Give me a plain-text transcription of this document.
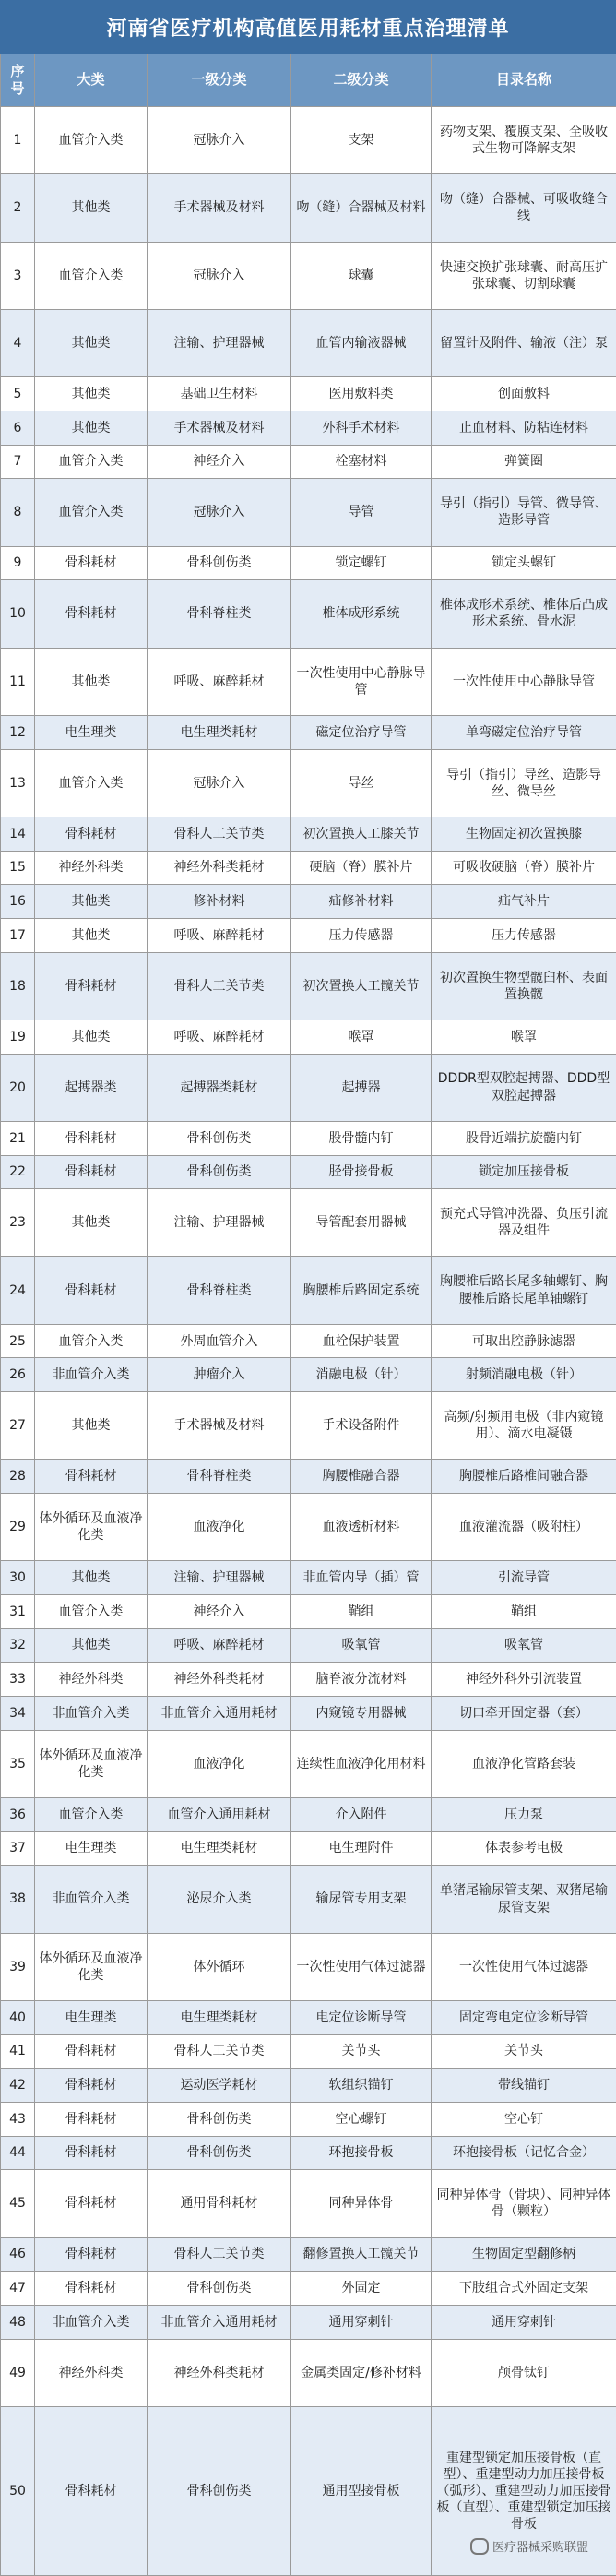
河南省医疗机构高值医用耗材重点治理清单
序号	大类	一级分类	二级分类	目录名称
1	血管介入类	冠脉介入	支架	药物支架、覆膜支架、全吸收式生物可降解支架
2	其他类	手术器械及材料	吻（缝）合器械及材料	吻（缝）合器械、可吸收缝合线
3	血管介入类	冠脉介入	球囊	快速交换扩张球囊、耐高压扩张球囊、切割球囊
4	其他类	注输、护理器械	血管内输液器械	留置针及附件、输液（注）泵
5	其他类	基础卫生材料	医用敷料类	创面敷料
6	其他类	手术器械及材料	外科手术材料	止血材料、防粘连材料
7	血管介入类	神经介入	栓塞材料	弹簧圈
8	血管介入类	冠脉介入	导管	导引（指引）导管、微导管、造影导管
9	骨科耗材	骨科创伤类	锁定螺钉	锁定头螺钉
10	骨科耗材	骨科脊柱类	椎体成形系统	椎体成形术系统、椎体后凸成形术系统、骨水泥
11	其他类	呼吸、麻醉耗材	一次性使用中心静脉导管	一次性使用中心静脉导管
12	电生理类	电生理类耗材	磁定位治疗导管	单弯磁定位治疗导管
13	血管介入类	冠脉介入	导丝	导引（指引）导丝、造影导丝、微导丝
14	骨科耗材	骨科人工关节类	初次置换人工膝关节	生物固定初次置换膝
15	神经外科类	神经外科类耗材	硬脑（脊）膜补片	可吸收硬脑（脊）膜补片
16	其他类	修补材料	疝修补材料	疝气补片
17	其他类	呼吸、麻醉耗材	压力传感器	压力传感器
18	骨科耗材	骨科人工关节类	初次置换人工髋关节	初次置换生物型髋臼杯、表面置换髋
19	其他类	呼吸、麻醉耗材	喉罩	喉罩
20	起搏器类	起搏器类耗材	起搏器	DDDR型双腔起搏器、DDD型双腔起搏器
21	骨科耗材	骨科创伤类	股骨髓内钉	股骨近端抗旋髓内钉
22	骨科耗材	骨科创伤类	胫骨接骨板	锁定加压接骨板
23	其他类	注输、护理器械	导管配套用器械	预充式导管冲洗器、负压引流器及组件
24	骨科耗材	骨科脊柱类	胸腰椎后路固定系统	胸腰椎后路长尾多轴螺钉、胸腰椎后路长尾单轴螺钉
25	血管介入类	外周血管介入	血栓保护装置	可取出腔静脉滤器
26	非血管介入类	肿瘤介入	消融电极（针）	射频消融电极（针）
27	其他类	手术器械及材料	手术设备附件	高频/射频用电极（非内窥镜用）、滴水电凝镊
28	骨科耗材	骨科脊柱类	胸腰椎融合器	胸腰椎后路椎间融合器
29	体外循环及血液净化类	血液净化	血液透析材料	血液灌流器（吸附柱）
30	其他类	注输、护理器械	非血管内导（插）管	引流导管
31	血管介入类	神经介入	鞘组	鞘组
32	其他类	呼吸、麻醉耗材	吸氧管	吸氧管
33	神经外科类	神经外科类耗材	脑脊液分流材料	神经外科外引流装置
34	非血管介入类	非血管介入通用耗材	内窥镜专用器械	切口牵开固定器（套）
35	体外循环及血液净化类	血液净化	连续性血液净化用材料	血液净化管路套装
36	血管介入类	血管介入通用耗材	介入附件	压力泵
37	电生理类	电生理类耗材	电生理附件	体表参考电极
38	非血管介入类	泌尿介入类	输尿管专用支架	单猪尾输尿管支架、双猪尾输尿管支架
39	体外循环及血液净化类	体外循环	一次性使用气体过滤器	一次性使用气体过滤器
40	电生理类	电生理类耗材	电定位诊断导管	固定弯电定位诊断导管
41	骨科耗材	骨科人工关节类	关节头	关节头
42	骨科耗材	运动医学耗材	软组织锚钉	带线锚钉
43	骨科耗材	骨科创伤类	空心螺钉	空心钉
44	骨科耗材	骨科创伤类	环抱接骨板	环抱接骨板（记忆合金）
45	骨科耗材	通用骨科耗材	同种异体骨	同种异体骨（骨块）、同种异体骨（颗粒）
46	骨科耗材	骨科人工关节类	翻修置换人工髋关节	生物固定型翻修柄
47	骨科耗材	骨科创伤类	外固定	下肢组合式外固定支架
48	非血管介入类	非血管介入通用耗材	通用穿刺针	通用穿刺针
49	神经外科类	神经外科类耗材	金属类固定/修补材料	颅骨钛钉
50	骨科耗材	骨科创伤类	通用型接骨板	重建型锁定加压接骨板（直型）、重建型动力加压接骨板（弧形）、重建型动力加压接骨板（直型）、重建型锁定加压接骨板
医疗器械采购联盟
